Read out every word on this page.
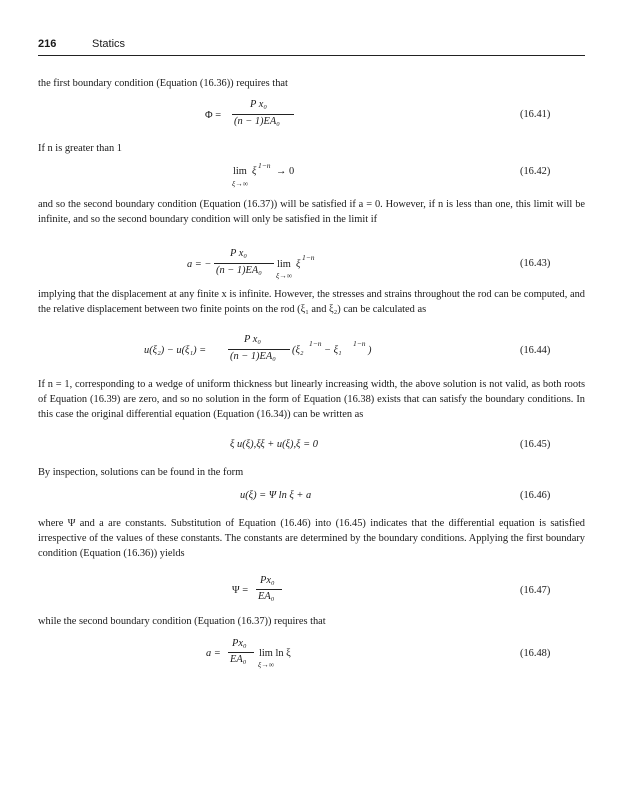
216	Statics
the first boundary condition (Equation (16.36)) requires that
Φ =
P x₀
(n − 1)EA₀
(16.41)
If n is greater than 1
lim
ξ→∞
ξ
1−n
→ 0	(16.42)
and so the second boundary condition (Equation (16.37)) will be satisfied if a = 0. However, if n is less than one, this limit will be infinite, and so the second boundary condition will only be satisfied in the limit if
a = −
P x₀
(n − 1)EA₀
lim
ξ→∞
ξ
1−n
(16.43)
implying that the displacement at any finite x is infinite. However, the stresses and strains throughout the rod can be computed, and the relative displacement between two finite points on the rod (ξ₁ and ξ₂) can be calculated as
u(ξ₂) − u(ξ₁) =
P x₀
(n − 1)EA₀
(ξ₂
1−n
− ξ₁
1−n
)	(16.44)
If n = 1, corresponding to a wedge of uniform thickness but linearly increasing width, the above solution is not valid, as both roots of Equation (16.39) are zero, and so no solution in the form of Equation (16.38) exists that can satisfy the boundary conditions. In this case the original differential equation (Equation (16.34)) can be written as
ξ u(ξ),ξξ + u(ξ),ξ = 0	(16.45)
By inspection, solutions can be found in the form
u(ξ) = Ψ ln ξ + a	(16.46)
where Ψ and a are constants. Substitution of Equation (16.46) into (16.45) indicates that the differential equation is satisfied irrespective of the values of these constants. The constants are determined by the boundary conditions. Applying the first boundary condition (Equation (16.36)) yields
Ψ =
Px₀
EA₀
(16.47)
while the second boundary condition (Equation (16.37)) requires that
a =
Px₀
EA₀
lim ln ξ
ξ→∞
(16.48)
